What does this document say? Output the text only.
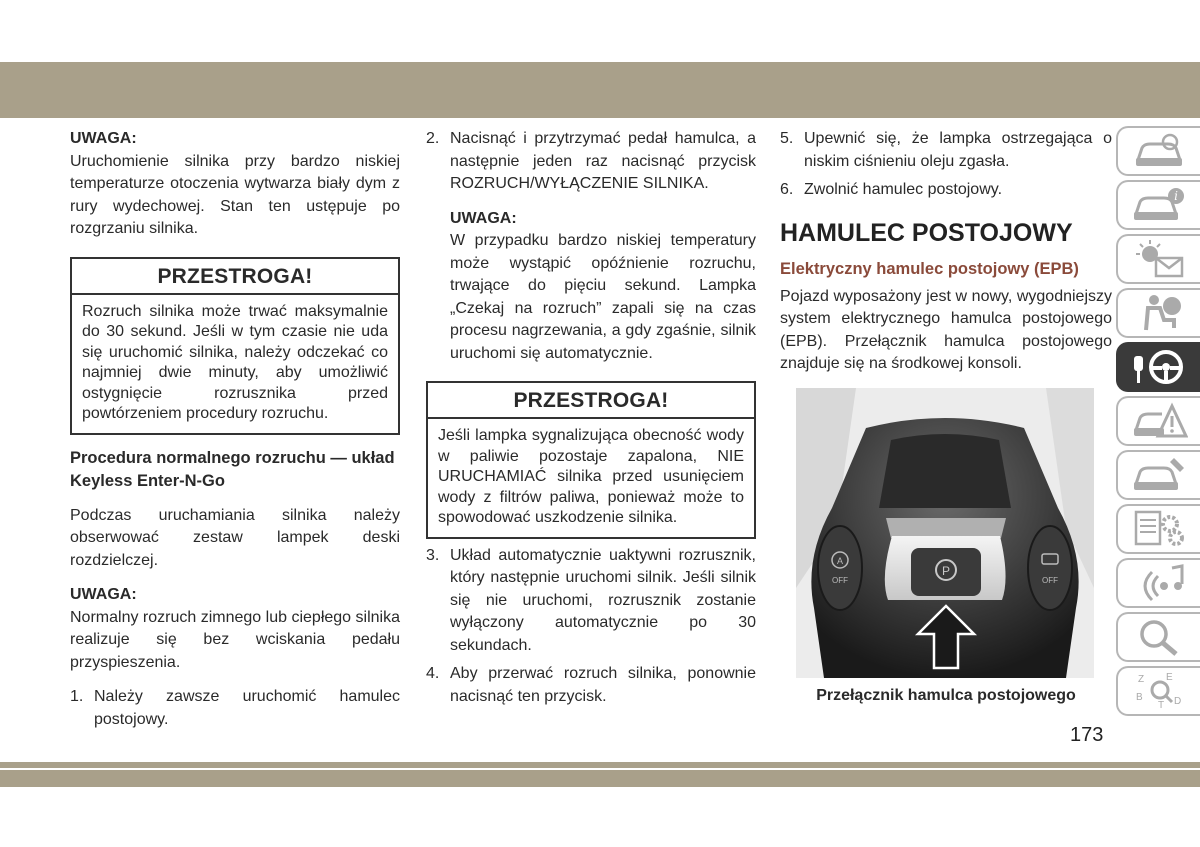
UWAGA:
Uruchomienie silnika przy bardzo niskiej temperaturze otoczenia wytwarza biały dym z rury wydechowej. Stan ten ustępuje po rozgrzaniu silnika.
PRZESTROGA!
Rozruch silnika może trwać maksymalnie do 30 sekund. Jeśli w tym czasie nie uda się uruchomić silnika, należy odczekać co najmniej dwie minuty, aby umożliwić ostygnięcie rozrusznika przed powtórzeniem procedury rozruchu.
Procedura normalnego rozruchu — układ Keyless Enter-N-Go
Podczas uruchamiania silnika należy obserwować zestaw lampek deski rozdzielczej.
UWAGA:
Normalny rozruch zimnego lub ciepłego silnika realizuje się bez wciskania pedału przyspieszenia.
1. Należy zawsze uruchomić hamulec postojowy.
2. Nacisnąć i przytrzymać pedał hamulca, a następnie jeden raz nacisnąć przycisk ROZRUCH/WYŁĄCZENIE SILNIKA.
UWAGA:
W przypadku bardzo niskiej temperatury może wystąpić opóźnienie rozruchu, trwające do pięciu sekund. Lampka „Czekaj na rozruch” zapali się na czas procesu nagrzewania, a gdy zgaśnie, silnik uruchomi się automatycznie.
PRZESTROGA!
Jeśli lampka sygnalizująca obecność wody w paliwie pozostaje zapalona, NIE URUCHAMIAĆ silnika przed usunięciem wody z filtrów paliwa, ponieważ może to spowodować uszkodzenie silnika.
3. Układ automatycznie uaktywni rozrusznik, który następnie uruchomi silnik. Jeśli silnik się nie uruchomi, rozrusznik zostanie wyłączony automatycznie po 30 sekundach.
4. Aby przerwać rozruch silnika, ponownie nacisnąć ten przycisk.
5. Upewnić się, że lampka ostrzegająca o niskim ciśnieniu oleju zgasła.
6. Zwolnić hamulec postojowy.
HAMULEC POSTOJOWY
Elektryczny hamulec postojowy (EPB)
Pojazd wyposażony jest w nowy, wygodniejszy system elektrycznego hamulca postojowego (EPB). Przełącznik hamulca postojowego znajduje się na środkowej konsoli.
P
A
OFF	OFF
Przełącznik hamulca postojowego
i
Z E
B
T D
173
